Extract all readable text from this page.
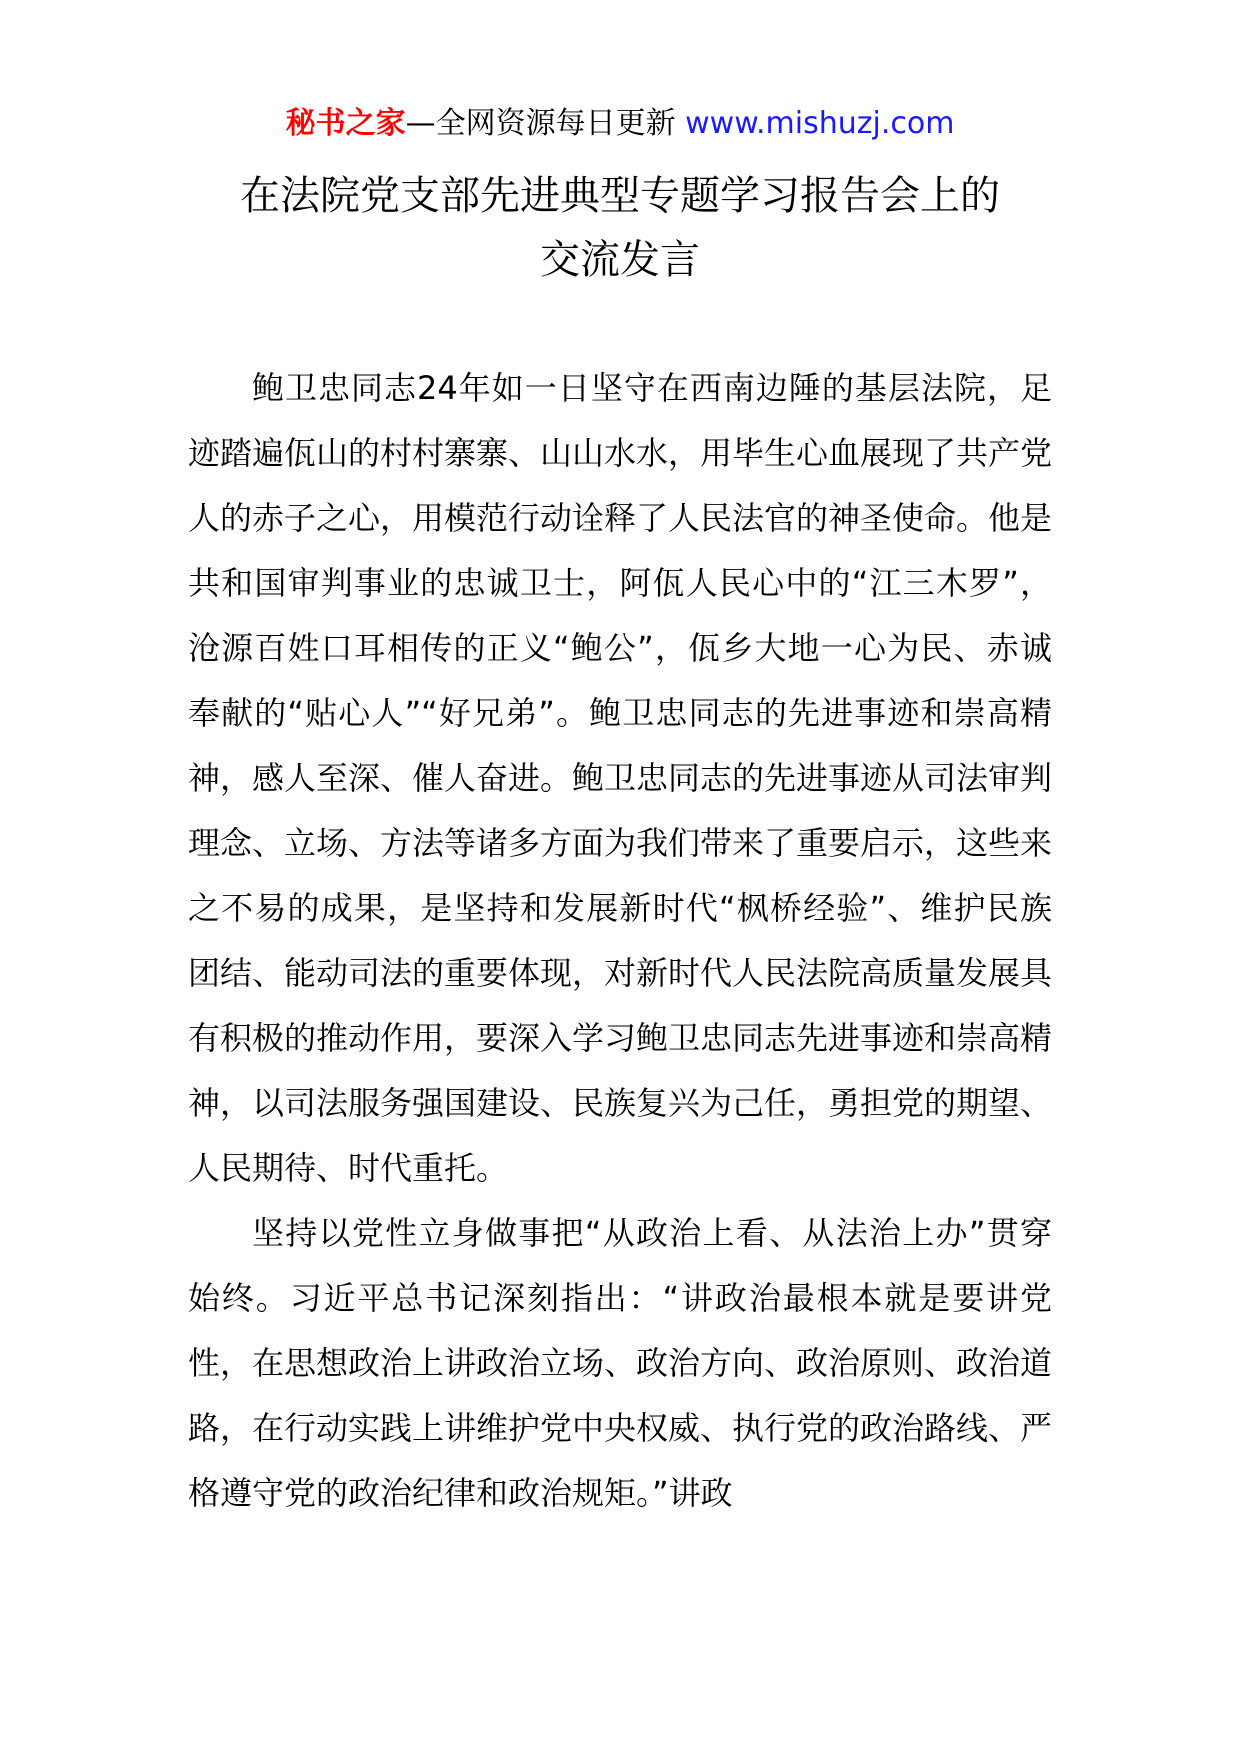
秘书之家—全网资源每日更新 www.mishuzj.com
在法院党支部先进典型专题学习报告会上的
交流发言

鲍卫忠同志24年如一日坚守在西南边陲的基层法院，足迹踏遍佤山的村村寨寨、山山水水，用毕生心血展现了共产党人的赤子之心，用模范行动诠释了人民法官的神圣使命。他是共和国审判事业的忠诚卫士，阿佤人民心中的“江三木罗”，沧源百姓口耳相传的正义“鲍公”，佤乡大地一心为民、赤诚奉献的“贴心人”“好兄弟”。鲍卫忠同志的先进事迹和崇高精神，感人至深、催人奋进。鲍卫忠同志的先进事迹从司法审判理念、立场、方法等诸多方面为我们带来了重要启示，这些来之不易的成果，是坚持和发展新时代“枫桥经验”、维护民族团结、能动司法的重要体现，对新时代人民法院高质量发展具有积极的推动作用，要深入学习鲍卫忠同志先进事迹和崇高精神，以司法服务强国建设、民族复兴为己任，勇担党的期望、人民期待、时代重托。

坚持以党性立身做事把“从政治上看、从法治上办”贯穿始终。习近平总书记深刻指出：“讲政治最根本就是要讲党性，在思想政治上讲政治立场、政治方向、政治原则、政治道路，在行动实践上讲维护党中央权威、执行党的政治路线、严格遵守党的政治纪律和政治规矩。”讲政
